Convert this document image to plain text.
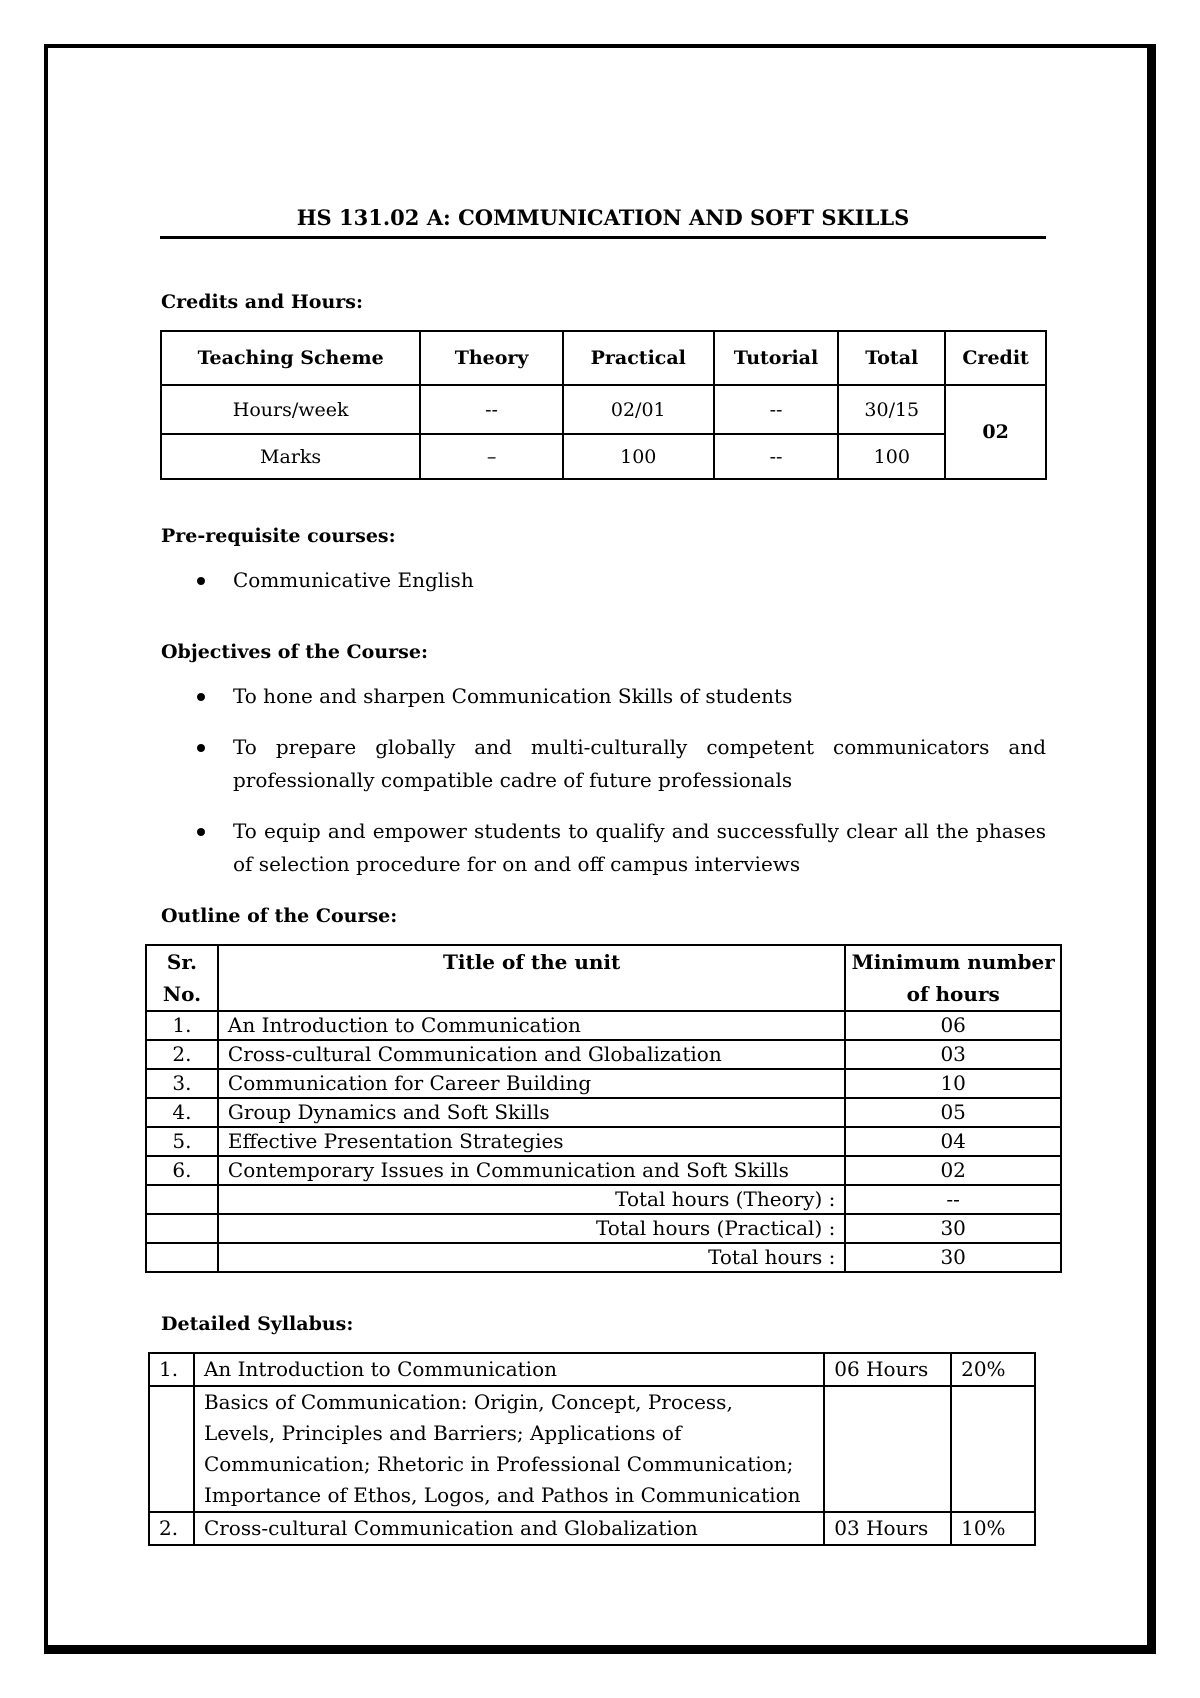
HS 131.02 A: COMMUNICATION AND SOFT SKILLS
Credits and Hours:
Teaching Scheme	Theory	Practical	Tutorial	Total	Credit
Hours/week	--	02/01	--	30/15	02
Marks	–	100	--	100	
Pre-requisite courses:
Communicative English
Objectives of the Course:
To hone and sharpen Communication Skills of students
To prepare globally and multi-culturally competent communicators and professionally compatible cadre of future professionals
To equip and empower students to qualify and successfully clear all the phases of selection procedure for on and off campus interviews
Outline of the Course:
Sr. No.	Title of the unit	Minimum number of hours
1.	An Introduction to Communication	06
2.	Cross-cultural Communication and Globalization	03
3.	Communication for Career Building	10
4.	Group Dynamics and Soft Skills	05
5.	Effective Presentation Strategies	04
6.	Contemporary Issues in Communication and Soft Skills	02
	Total hours (Theory) :	--
	Total hours (Practical) :	30
	Total hours :	30
Detailed Syllabus:
1.	An Introduction to Communication	06 Hours	20%
	Basics of Communication: Origin, Concept, Process, Levels, Principles and Barriers; Applications of Communication; Rhetoric in Professional Communication; Importance of Ethos, Logos, and Pathos in Communication		
2.	Cross-cultural Communication and Globalization	03 Hours	10%
